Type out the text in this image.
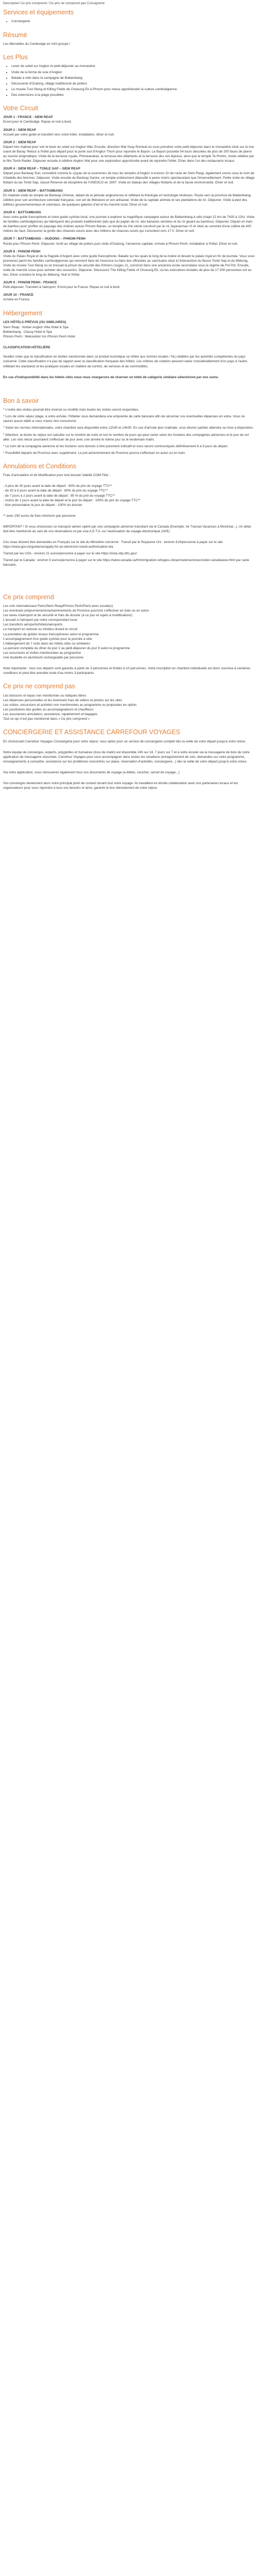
Description Ce prix comprend / Ce prix ne comprend pas Consignerie

Services et équipements
• Conciergerie
Résumé

Les Merveilles du Cambodge en mini groupe !

Les Plus
• Lever de soleil sur Angkor et petit-déjeuner au monastère
• Visite de la ferme de soie d'Angkor
• Balade à vélo dans la campagne de Battambang
• Découverte d'Oudong, village traditionnel de potiers
• Le musée Tuol Sleng et Killing Fields de Choeung Ek à Phnom pour mieux appréhender la culture cambodgienne
• Des extensions à la plage possibles
Votre Circuit

JOUR 1 : FRANCE - SIEM REAP

Envol pour le Cambodge. Repas et nuit à bord.

JOUR 2 : SIEM REAP

Accueil par votre guide et transfert vers votre hôtel. Installation, dîner et nuit.

JOUR 2 : SIEM REAP

Départ très matinal pour voir le lever du soleil sur Angkor Wat. Ensuite, direction Wat Svay Romeat où vous prendrez votre petit-déjeuner dans le monastère situé sur la rive ouest de Baray. Retour à l'hôtel puis départ pour la porte sud d'Angkor Thom pour rejoindre le Bayon. Le Bayon possède 54 tours décorées de plus de 200 faces de pierre au sourire énigmatique. Visite de la terrasse royale, Phimeanakas, la terrasse des éléphants et la terrasse des rois lépreux, ainsi que le temple Ta Prohm, rendu célèbre par le film Tomb Raider. Déjeuner ensuite à célèbre Angkor Wat pour une exploration approfondie avant de rejoindre l'hôtel. Dîner dans l'un des restaurants locaux.

JOUR 4 : SIEM REAP – TONLE SAP – SIEM REAP

Départ pour Banteay Srei, considéré comme le «joyau de la couronne» de tous les temples d'Angkor à environ 1h de route de Siem Reap, également connu sous le nom de Citadelle des femmes. Déjeuner. Visite ensuite de Banteay Samre, un temple entièrement dépouillé à peine moins spectaculaire que l'émerveillement. Petite visite du village flottant du lac Tonlé Sap, classé Réserve de biosphère de l'UNESCO en 1997. Visite en bateau des villages flottants et de la faune environnante. Dîner et nuit.

JOUR 5 : SIEM REAP – BATTAMBANG

En matinée visite du temple de Banteay Chhmar, datant de la période angkorienne et reflétant la théologie et l'astrologie hindoues. Route vers la province de Battambang, célèbre pour son architecture coloniale française, son art de littérature et son artisanat. Visite de la capitale animée et ses plantations de riz. Déjeuner. Visite à pied des édifices gouvernementaux et coloniaux, de quelques galeries d'art et du marché local. Dîner et nuit.

JOUR 6 : BATTAMBANG

Avec votre guide francophone et notre guide cycliste local, une journée à explorer la magnifique campagne autour de Battambang à vélo (trajet 22 km de 7h30 à 12h). Visite de familles cambodgiennes qui fabriquent des produits traditionnels (tels que du papier de riz, des bananes séchées et du riz gluant au bambou). Déjeuner. Départ en train de bambou pour profiter du paysage des rizières autour Phnom Banan, un temple du XIe siècle construit par le roi Jayavarman VI et situé au sommet d'une colline de 400 mètres de haut. Découvrez la grotte des chauves-souris avec des millions de chauves-souris qui s'envolent vers 17 h. Dîner et nuit.

JOUR 7 : BATTAMBANG – OUDONG – PHNOM PENH

Route pour Phnom Penh. Déjeuner. Arrêt au village de potiers puis visite d'Oudong, l'ancienne capitale. Arrivée à Phnom Penh, installation à l'hôtel. Dîner et nuit.

JOUR 8 : PHNOM PENH

Visite du Palais Royal et de la Pagode d'Argent avec votre guide francophone. Balade sur les quais le long de la rivière et devant le palais royal en fin de journée. Vous vous promenez parmi les familles cambodgiennes qui viennent faire de l'exercice ou faire des offrandes au sanctuaire situé à l'intersection du fleuve Tonlé Sap et du Mékong. Visite du musée Tuol Sleng où se trouvait la prison de sécurité des Khmers rouges 21, construit dans une ancienne école secondaire sous le régime de Pol Pot. Ensuite, visite du marché russe pour acheter des souvenirs. Déjeuner. Découvrez The Killing Fields of Choeung Ek, où les exécutions brutales de plus de 17 000 personnes ont eu lieu. Dîner croisière le long du Mékong. Nuit à l'hôtel.

JOUR 9 : PHNOM PENH - FRANCE

Petit-déjeuner. Transfert à l'aéroport. Envol pour la France. Repas et nuit à bord.

JOUR 10 : FRANCE

Arrivée en France.

Hébergement

LES HÔTELS PRÉVUS (OU SIMILAIRES)

Siem Reap : Amber Angkor Villa Hotel & Spa

Battambang : Classy Hotel & Spa

Phnom Penh : Mekoulolor Inn Phnom Penh Hotel

CLASSIFICATION HÔTELIÈRE

Veuillez noter que la classification en étoiles mentionnée dans ce produit touristique se réfère aux normes locales / NL) établies par les autorités compétentes du pays concerné. Cette classification n'a pas de rapport avec la classification française des hôtels. Les critères de notation peuvent varier considérablement d'un pays à l'autre, reflétant les standards et les pratiques locales en matière de confort, de services et de commodités.

En cas d'indisponibilité dans les hôtels cités nous nous chargerons de réserver un hôtel de catégorie similaire sélectionné par nos soins.

Bon à savoir

* L'ordre des visites pourrait être inversé ou modifié mais toutes les visites seront respectées.

* Lors de votre séjour plage, à votre arrivée, l'hôtelier vous demandera une empreinte de carte bancaire afin de sécuriser vos éventuelles dépenses en extra. Vous ne saurez aucun débit si vous n'avez rien consommé.

* Selon les normes internationales, votre chambre sera disponible entre 12h30 et 14h00. En cas d'arrivée plus matinale, vous devrez partiels attendre sa mise à disposition.

* Attention, la durée du séjour est calculée sur le nombre de nuits et non le nombre de jours qui peut varier selon les horaires des compagnies aériennes et le jour de vol aller. Les vols retour pourraient s'effectuer de jour avec une arrivée le même jour ou le lendemain matin.

* Le nom de la compagnie aérienne et les horaires sont donnés à titre purement indicatif et vous seront communiqués définitivement 6 à 8 jours du départ.

* Possibilité départs de Province avec supplément. Le pré-acheminement de Province pourra s'effectuer en avion ou en train.

Annulations et Conditions

Frais d'annulation et de Modification pour tout dossier Valetté COM Fête :

- A plus de 30 jours avant la date de départ : 60% du prix du voyage TTC**

- de 30 à 8 jours avant la date de départ : 80% du prix du voyage TTC**

- de 7 jours à 2 jours avant la date de départ : 95 % du prix du voyage TTC**

- moins de 1 jours avant la date de départ et le jour du départ : 100% du prix du voyage TTC**

- Non présentation le jour du départ : 100% du dossier

** avec 250 euros de frais minimum par personne

IMPORTANT ! Si vous choisissiez un transport aérien opéré par une compagnie aérienne transitant via le Canada (Exemple: Air Transat Vacances à Montréal...). Un délai doit être mentionné au sein de vos réservations et par visa A.E.T.A.-ou l'autorisation de voyage électronique (AVE).

Ces visas doivent être demandés en Français sur le site du Ministère concerné : Transit par le Royaume Uni : environ £16/personne à payer sur le site https://www.gov.uk/guidance/apply-for-an-electronic-travel-authorisation-eta

Transit par les USA : environ 21 euros/personne à payer sur le site https://esta.cbp.dhs.gov/

Transit par le Canada : environ 5 euros/personne à payer sur le site https://www.canada.ca/fr/immigration-refugies-citoyennete/services/visiter-canada/ave.html par carte bancaire.

Ce prix comprend

Les vols internationaux Paris/Siem Reap/Phnom Penh/Paris avec escale(s)

Les éventuels préjournements/acheminements de Province pourront s'effectuer en train ou en avion.

Les taxes d'aéroport et de sécurité et frais de dossier (à ce jour et sujets à modifications)

L'accueil à l'aéroport par notre correspondant local

Les transferts aéroports/hôtels/aéroports

Le transport en autocar ou minibus durant le circuit

La prestation de guides locaux francophones selon le programme

L'accompagnement d'un guide cycliste pour la journée à vélo

L'hébergement de 7 nuits dans les hôtels cités ou similaires

La pension complète du dîner du jour 2 au petit-déjeuner du jour 9 selon le programme

Les excursions et visites mentionnées au programme

Une bouteille en aluminium rechargeable par personne

Note importante : tous nos départs sont garantis à partir de 3 personnes et limités à 10 personnes. Votre inscription en chambre individuelle est donc soumise à certaines conditions et peut être annulée toute d'au moins 3 participants.

Ce prix ne comprend pas

Les boissons et repas non mentionnés ou indiqués libres

Les dépenses personnelles et les éventuels frais de vidéos et photos sur les sites

Les visites, excursions et activités non mentionnées au programme ou proposées en option

Les pourboires des guides ou accompagnateurs et chauffeurs

Les assurances annulation, assistance, rapatriement et bagages

Tout ce qui n'est pas mentionné dans « Ce prix comprend »

CONCIERGERIE ET ASSISTANCE CARREFOUR VOYAGES

En choisissant Carrefour Voyages Conciergerie pour votre séjour, vous optez pour un service de conciergerie complet dès la veille de votre départ jusqu'à votre retour.

Notre équipe de concierges, experts, polyglottes et humaines (tous de matin) est disponible 24h sur 24, 7 jours sur 7 et à votre écoute via la messagerie de bois de notre application de messagerie sécurisée. Carrefour Voyages pour vous accompagner dans toutes les situations (enregistrement de vols, demandes sur votre programme, renseignements à connaître, assistance sur les problèmes rencontrés sur place, réservation d'activités, conciergerie...) dès la veille de votre départ jusqu'à votre retour.

Via votre application, vous retrouverez également tous vos documents de voyage (e-billets, voucher, carnet de voyage...)

Vos concierges deviennent alors votre principal point de contact durant tout votre voyage. Ils travaillent en étroite collaboration avec nos partenaires locaux et les organisateurs pour vous répondre à tous vos besoins et ainsi, garantir le bon déroulement de votre séjour.
